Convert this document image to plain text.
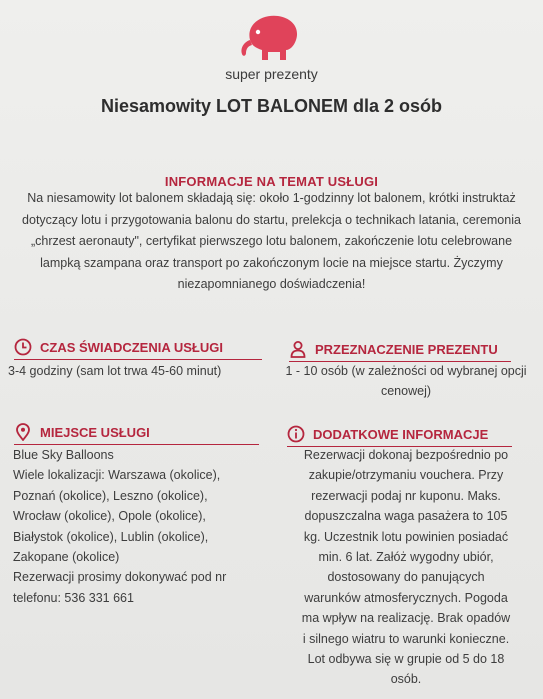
super prezenty
Niesamowity LOT BALONEM dla 2 osób
INFORMACJE NA TEMAT USŁUGI
Na niesamowity lot balonem składają się: około 1-godzinny lot balonem, krótki instruktaż dotyczący lotu i przygotowania balonu do startu, prelekcja o technikach latania, ceremonia „chrzest aeronauty", certyfikat pierwszego lotu balonem, zakończenie lotu celebrowane lampką szampana oraz transport po zakończonym locie na miejsce startu. Życzymy niezapomnianego doświadczenia!
CZAS ŚWIADCZENIA USŁUGI
3-4 godziny (sam lot trwa 45-60 minut)
PRZEZNACZENIE PREZENTU
1 - 10 osób (w zależności od wybranej opcji cenowej)
MIEJSCE USŁUGI
Blue Sky Balloons
Wiele lokalizacji: Warszawa (okolice),
Poznań (okolice), Leszno (okolice),
Wrocław (okolice), Opole (okolice),
Białystok (okolice), Lublin (okolice),
Zakopane (okolice)
Rezerwacji prosimy dokonywać pod nr
telefonu: 536 331 661
DODATKOWE INFORMACJE
Rezerwacji dokonaj bezpośrednio po
zakupie/otrzymaniu vouchera. Przy
rezerwacji podaj nr kuponu. Maks.
dopuszczalna waga pasażera to 105
kg. Uczestnik lotu powinien posiadać
min. 6 lat. Załóż wygodny ubiór,
dostosowany do panujących
warunków atmosferycznych. Pogoda
ma wpływ na realizację. Brak opadów
i silnego wiatru to warunki konieczne.
Lot odbywa się w grupie od 5 do 18
osób.
